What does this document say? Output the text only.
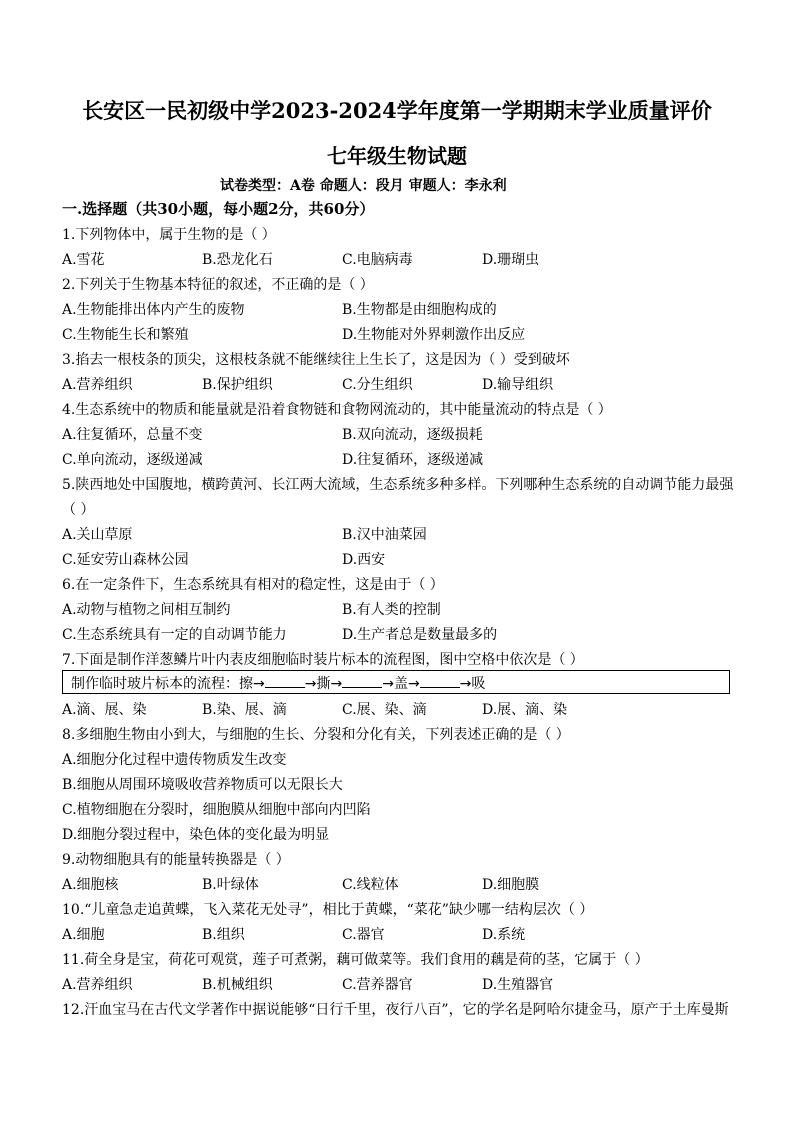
长安区一民初级中学2023-2024学年度第一学期期末学业质量评价
七年级生物试题
试卷类型：A卷 命题人：段月 审题人：李永利
一.选择题（共30小题，每小题2分，共60分）
1.下列物体中，属于生物的是（ ）
A.雪花	B.恐龙化石	C.电脑病毒	D.珊瑚虫
2.下列关于生物基本特征的叙述，不正确的是（ ）
A.生物能排出体内产生的废物	B.生物都是由细胞构成的
C.生物能生长和繁殖	D.生物能对外界刺激作出反应
3.掐去一根枝条的顶尖，这根枝条就不能继续往上生长了，这是因为（ ）受到破坏
A.营养组织	B.保护组织	C.分生组织	D.输导组织
4.生态系统中的物质和能量就是沿着食物链和食物网流动的，其中能量流动的特点是（ ）
A.往复循环，总量不变	B.双向流动，逐级损耗
C.单向流动，逐级递减	D.往复循环，逐级递减
5.陕西地处中国腹地，横跨黄河、长江两大流域，生态系统多种多样。下列哪种生态系统的自动调节能力最强
（ ）
A.关山草原	B.汉中油菜园
C.延安劳山森林公园	D.西安
6.在一定条件下，生态系统具有相对的稳定性，这是由于（ ）
A.动物与植物之间相互制约	B.有人类的控制
C.生态系统具有一定的自动调节能力	D.生产者总是数量最多的
7.下面是制作洋葱鳞片叶内表皮细胞临时装片标本的流程图，图中空格中依次是（ ）
制作临时玻片标本的流程：擦→	→撕→	→盖→	→吸
A.滴、展、染	B.染、展、滴	C.展、染、滴	D.展、滴、染
8.多细胞生物由小到大，与细胞的生长、分裂和分化有关，下列表述正确的是（ ）
A.细胞分化过程中遗传物质发生改变
B.细胞从周围环境吸收营养物质可以无限长大
C.植物细胞在分裂时，细胞膜从细胞中部向内凹陷
D.细胞分裂过程中，染色体的变化最为明显
9.动物细胞具有的能量转换器是（ ）
A.细胞核	B.叶绿体	C.线粒体	D.细胞膜
10.“儿童急走追黄蝶，飞入菜花无处寻”，相比于黄蝶，“菜花”缺少哪一结构层次（ ）
A.细胞	B.组织	C.器官	D.系统
11.荷全身是宝，荷花可观赏，莲子可煮粥，藕可做菜等。我们食用的藕是荷的茎，它属于（ ）
A.营养组织	B.机械组织	C.营养器官	D.生殖器官
12.汗血宝马在古代文学著作中据说能够“日行千里，夜行八百”，它的学名是阿哈尔捷金马，原产于土库曼斯
